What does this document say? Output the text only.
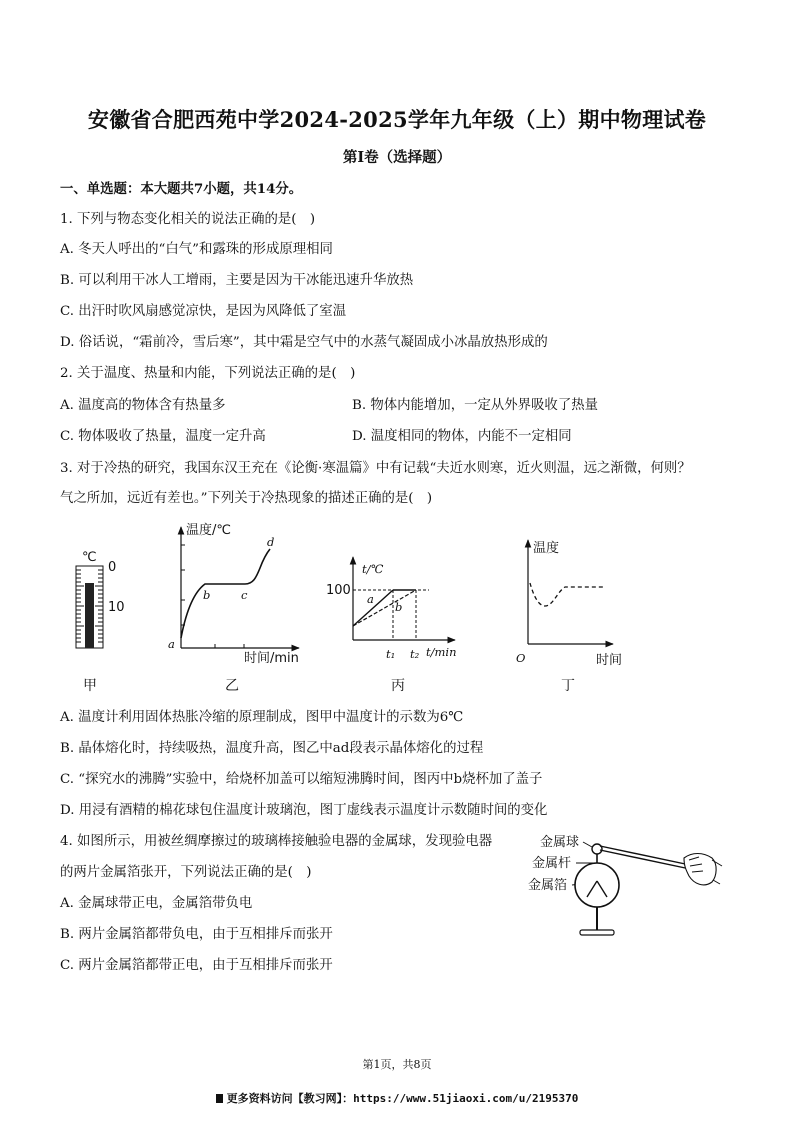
安徽省合肥西苑中学2024-2025学年九年级（上）期中物理试卷
第I卷（选择题）
一、单选题：本大题共7小题，共14分。
1. 下列与物态变化相关的说法正确的是(　)
A. 冬天人呼出的“白气”和露珠的形成原理相同
B. 可以利用干冰人工增雨，主要是因为干冰能迅速升华放热
C. 出汗时吹风扇感觉凉快，是因为风降低了室温
D. 俗话说，“霜前冷，雪后寒”，其中霜是空气中的水蒸气凝固成小冰晶放热形成的
2. 关于温度、热量和内能，下列说法正确的是(　)
A. 温度高的物体含有热量多	B. 物体内能增加，一定从外界吸收了热量
C. 物体吸收了热量，温度一定升高	D. 温度相同的物体，内能不一定相同
3. 对于冷热的研究，我国东汉王充在《论衡·寒温篇》中有记载“夫近水则寒，近火则温，远之渐微，何则？
气之所加，远近有差也。”下列关于冷热现象的描述正确的是(　)
℃
0
10
甲
温度/℃
时间/min
a
b	c
d
乙
t/℃
t/min
100
a
b
t₁ t₂
丙
温度
O	时间
丁
金属球
金属杆
金属箔
A. 温度计利用固体热胀冷缩的原理制成，图甲中温度计的示数为6℃
B. 晶体熔化时，持续吸热，温度升高，图乙中ad段表示晶体熔化的过程
C. “探究水的沸腾”实验中，给烧杯加盖可以缩短沸腾时间，图丙中b烧杯加了盖子
D. 用浸有酒精的棉花球包住温度计玻璃泡，图丁虚线表示温度计示数随时间的变化
4. 如图所示，用被丝绸摩擦过的玻璃棒接触验电器的金属球，发现验电器
的两片金属箔张开，下列说法正确的是(　)
A. 金属球带正电，金属箔带负电
B. 两片金属箔都带负电，由于互相排斥而张开
C. 两片金属箔都带正电，由于互相排斥而张开
第1页，共8页
更多资料访问【教习网】：https://www.51jiaoxi.com/u/2195370
